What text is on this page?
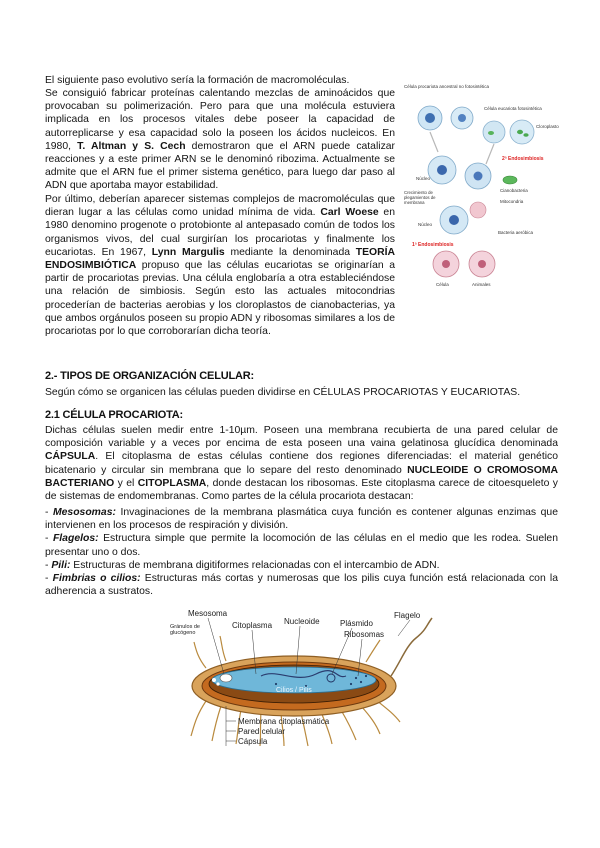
El siguiente paso evolutivo sería la formación de macromoléculas.
Se consiguió fabricar proteínas calentando mezclas de aminoácidos que provocaban su polimerización. Pero para que una molécula estuviera implicada en los procesos vitales debe poseer la capacidad de autorreplicarse y esa capacidad solo la poseen los ácidos nucleicos. En 1980, T. Altman y S. Cech demostraron que el ARN puede catalizar reacciones y a este primer ARN se le denominó ribozima. Actualmente se admite que el ARN fue el primer sistema genético, para luego dar paso al ADN que aportaba mayor estabilidad.
Por último, deberían aparecer sistemas complejos de macromoléculas que dieran lugar a las células como unidad mínima de vida. Carl Woese en 1980 denomino progenote o protobionte al antepasado común de todos los organismos vivos, del cual surgirían los procariotas y finalmente los eucariotas. En 1967, Lynn Margulis mediante la denominada TEORÍA ENDOSIMBIÓTICA propuso que las células eucariotas se originarían a partir de procariotas previas. Una célula englobaría a otra estableciéndose una relación de simbiosis. Según esto las actuales mitocondrias procederían de bacterias aerobias y los cloroplastos de cianobacterias, ya que ambos orgánulos poseen su propio ADN y ribosomas similares a los de procariotas por lo que corroborarían dicha teoría.
Célula procariota ancestral no fotosintética
Célula eucariota fotosintética
Cloroplasto
2ª Endosimbiosis
Núcleo
Cianobacteria
Mitocondria
Crecimiento de plegamientos de membrana
Núcleo
Bacteria aeróbica
1ª Endosimbiosis
Célula	Animales
2.- TIPOS DE ORGANIZACIÓN CELULAR:
Según cómo se organicen las células pueden dividirse en CÉLULAS PROCARIOTAS Y EUCARIOTAS.
2.1 CÉLULA PROCARIOTA:
Dichas células suelen medir entre 1-10µm. Poseen una membrana recubierta de una pared celular de composición variable y a veces por encima de esta poseen una vaina gelatinosa glucídica denominada CÁPSULA. El citoplasma de estas células contiene dos regiones diferenciadas: el material genético bicatenario y circular sin membrana que lo separe del resto denominado NUCLEOIDE O CROMOSOMA BACTERIANO y el CITOPLASMA, donde destacan los ribosomas. Este citoplasma carece de citoesqueleto y de sistemas de endomembranas. Como partes de la célula procariota destacan:
- Mesosomas: Invaginaciones de la membrana plasmática cuya función es contener algunas enzimas que intervienen en los procesos de respiración y división.
- Flagelos: Estructura simple que permite la locomoción de las células en el medio que les rodea. Suelen presentar uno o dos.
- Pili: Estructuras de membrana digitiformes relacionadas con el intercambio de ADN.
- Fimbrias o cilios: Estructuras más cortas y numerosas que los pilis cuya función está relacionada con la adherencia a sustratos.
Mesosoma
Gránulos de glucógeno
Citoplasma Nucleoide	Plásmido
Ribosomas
Flagelo
Cilios / Pilis
Membrana citoplasmática
Pared celular
Cápsula
